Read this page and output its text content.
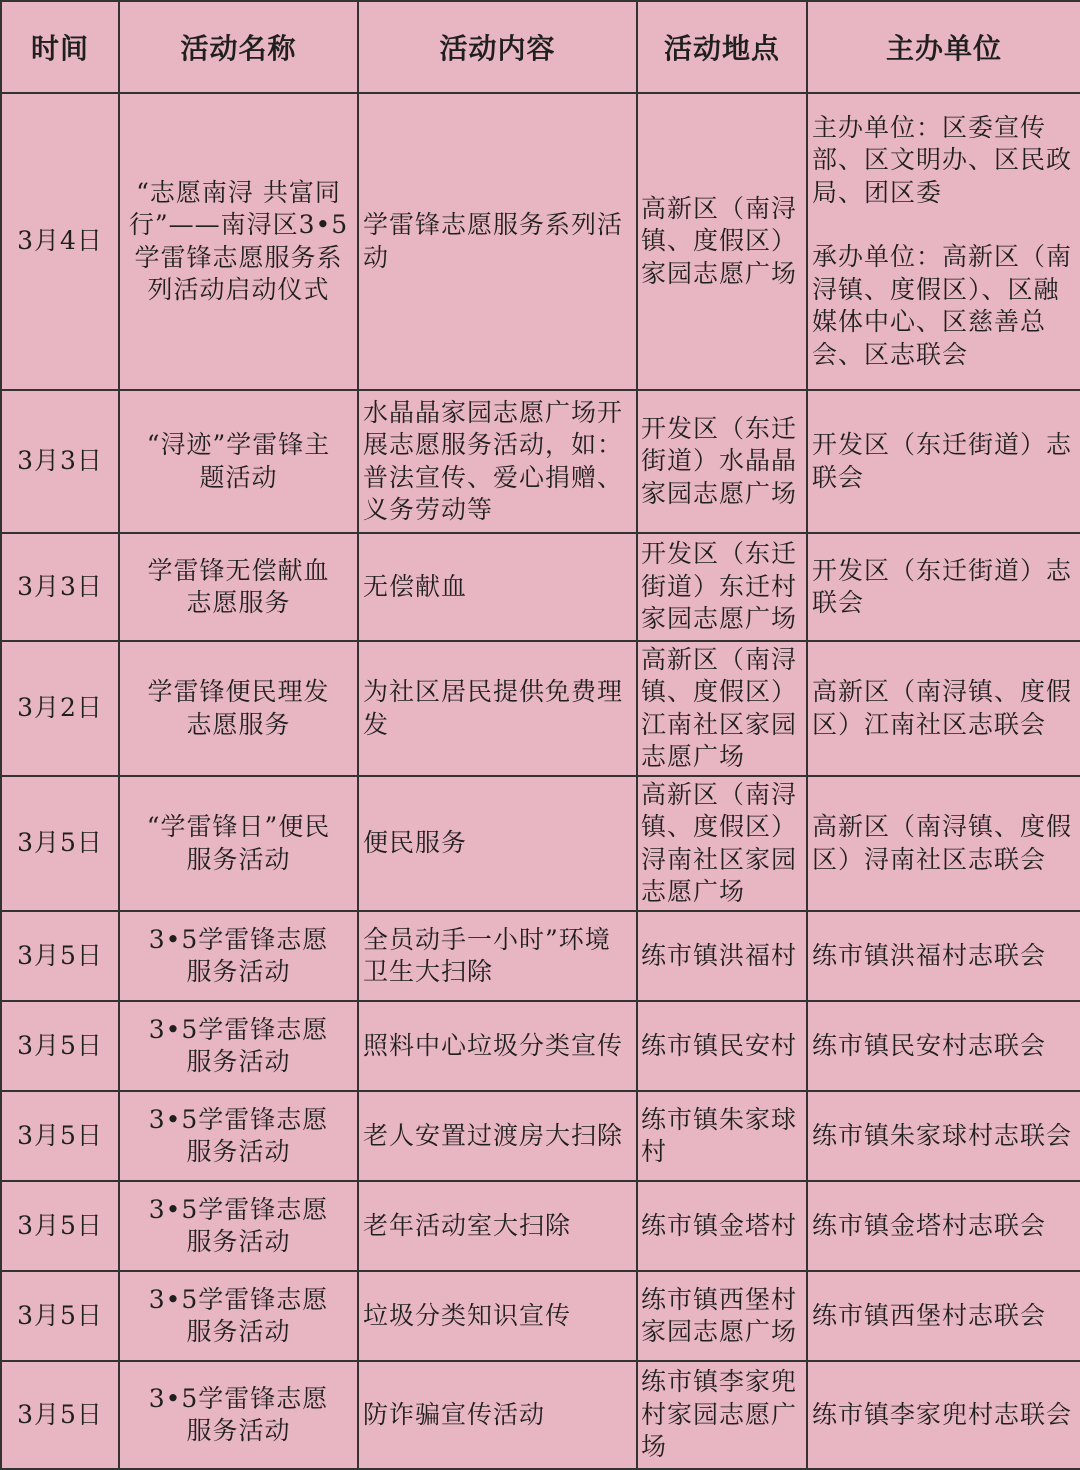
时间	活动名称	活动内容	活动地点	主办单位
3月4日	“志愿南浔 共富同行”——南浔区3•5学雷锋志愿服务系列活动启动仪式	学雷锋志愿服务系列活动	高新区（南浔镇、度假区）家园志愿广场	主办单位：区委宣传部、区文明办、区民政局、团区委
承办单位：高新区（南浔镇、度假区）、区融媒体中心、区慈善总会、区志联会

3月3日	“浔迹”学雷锋主题活动	水晶晶家园志愿广场开展志愿服务活动，如：普法宣传、爱心捐赠、义务劳动等	开发区（东迁街道）水晶晶家园志愿广场	开发区（东迁街道）志联会
3月3日	学雷锋无偿献血志愿服务	无偿献血	开发区（东迁街道）东迁村家园志愿广场	开发区（东迁街道）志联会
3月2日	学雷锋便民理发志愿服务	为社区居民提供免费理发	高新区（南浔镇、度假区）江南社区家园志愿广场	高新区（南浔镇、度假区）江南社区志联会
3月5日	“学雷锋日”便民服务活动	便民服务	高新区（南浔镇、度假区）浔南社区家园志愿广场	高新区（南浔镇、度假区）浔南社区志联会
3月5日	3•5学雷锋志愿服务活动	全员动手一小时”环境卫生大扫除	练市镇洪福村	练市镇洪福村志联会
3月5日	3•5学雷锋志愿服务活动	照料中心垃圾分类宣传	练市镇民安村	练市镇民安村志联会
3月5日	3•5学雷锋志愿服务活动	老人安置过渡房大扫除	练市镇朱家球村	练市镇朱家球村志联会
3月5日	3•5学雷锋志愿服务活动	老年活动室大扫除	练市镇金塔村	练市镇金塔村志联会
3月5日	3•5学雷锋志愿服务活动	垃圾分类知识宣传	练市镇西堡村家园志愿广场	练市镇西堡村志联会
3月5日	3•5学雷锋志愿服务活动	防诈骗宣传活动	练市镇李家兜村家园志愿广场	练市镇李家兜村志联会
